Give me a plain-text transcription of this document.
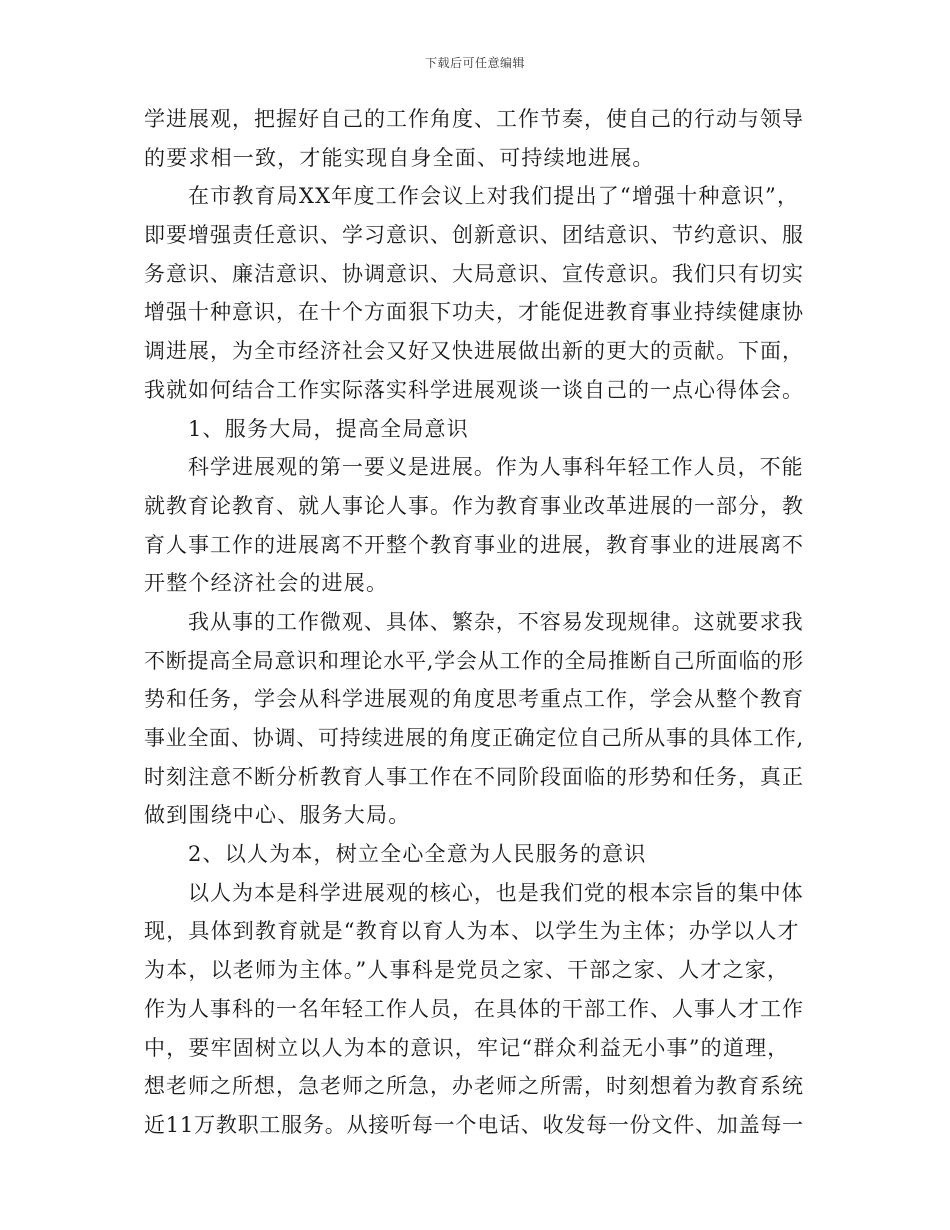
下载后可任意编辑
学进展观，把握好自己的工作角度、工作节奏，使自己的行动与领导
的要求相一致，才能实现自身全面、可持续地进展。
在市教育局XX年度工作会议上对我们提出了“增强十种意识”，
即要增强责任意识、学习意识、创新意识、团结意识、节约意识、服
务意识、廉洁意识、协调意识、大局意识、宣传意识。我们只有切实
增强十种意识，在十个方面狠下功夫，才能促进教育事业持续健康协
调进展，为全市经济社会又好又快进展做出新的更大的贡献。下面，
我就如何结合工作实际落实科学进展观谈一谈自己的一点心得体会。
1、服务大局，提高全局意识
科学进展观的第一要义是进展。作为人事科年轻工作人员，不能
就教育论教育、就人事论人事。作为教育事业改革进展的一部分，教
育人事工作的进展离不开整个教育事业的进展，教育事业的进展离不
开整个经济社会的进展。
我从事的工作微观、具体、繁杂，不容易发现规律。这就要求我
不断提高全局意识和理论水平,学会从工作的全局推断自己所面临的形
势和任务，学会从科学进展观的角度思考重点工作，学会从整个教育
事业全面、协调、可持续进展的角度正确定位自己所从事的具体工作,
时刻注意不断分析教育人事工作在不同阶段面临的形势和任务，真正
做到围绕中心、服务大局。
2、以人为本，树立全心全意为人民服务的意识
以人为本是科学进展观的核心，也是我们党的根本宗旨的集中体
现，具体到教育就是“教育以育人为本、以学生为主体；办学以人才
为本，以老师为主体。”人事科是党员之家、干部之家、人才之家，
作为人事科的一名年轻工作人员，在具体的干部工作、人事人才工作
中，要牢固树立以人为本的意识，牢记“群众利益无小事”的道理，
想老师之所想，急老师之所急，办老师之所需，时刻想着为教育系统
近11万教职工服务。从接听每一个电话、收发每一份文件、加盖每一
